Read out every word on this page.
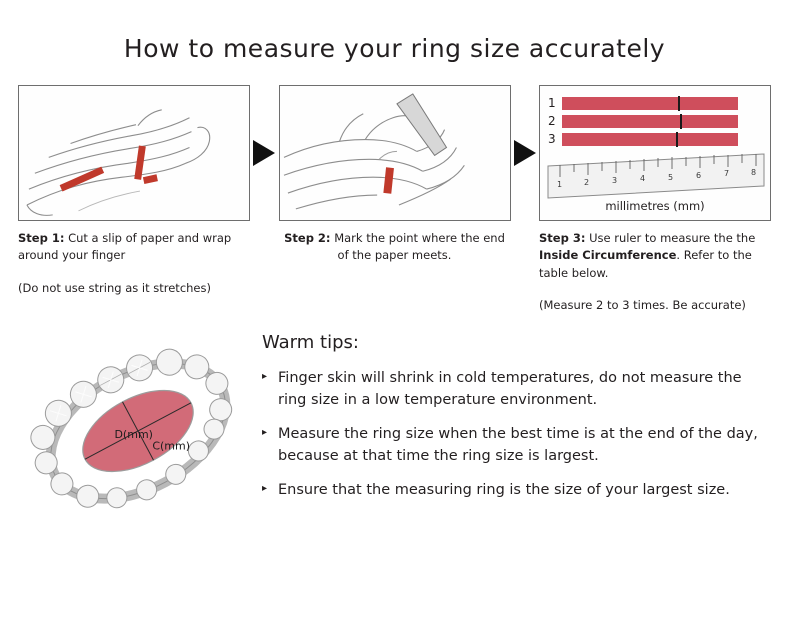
How to measure your ring size accurately
Step 1: Cut a slip of paper and wrap around your finger
(Do not use string as it stretches)
Step 2: Mark the point where the end of the paper meets.
1
2
3
1	2	3	4	5	6	7	8
millimetres (mm)
Step 3: Use ruler to measure the the Inside Circumference. Refer to the table below.
(Measure 2 to 3 times. Be accurate)
D(mm)
C(mm)
Warm tips:
▸ Finger skin will shrink in cold temperatures, do not measure the ring size in a low temperature environment.
▸ Measure the ring size when the best time is at the end of the day, because at that time the ring size is largest.
▸ Ensure that the measuring ring is the size of your largest size.
